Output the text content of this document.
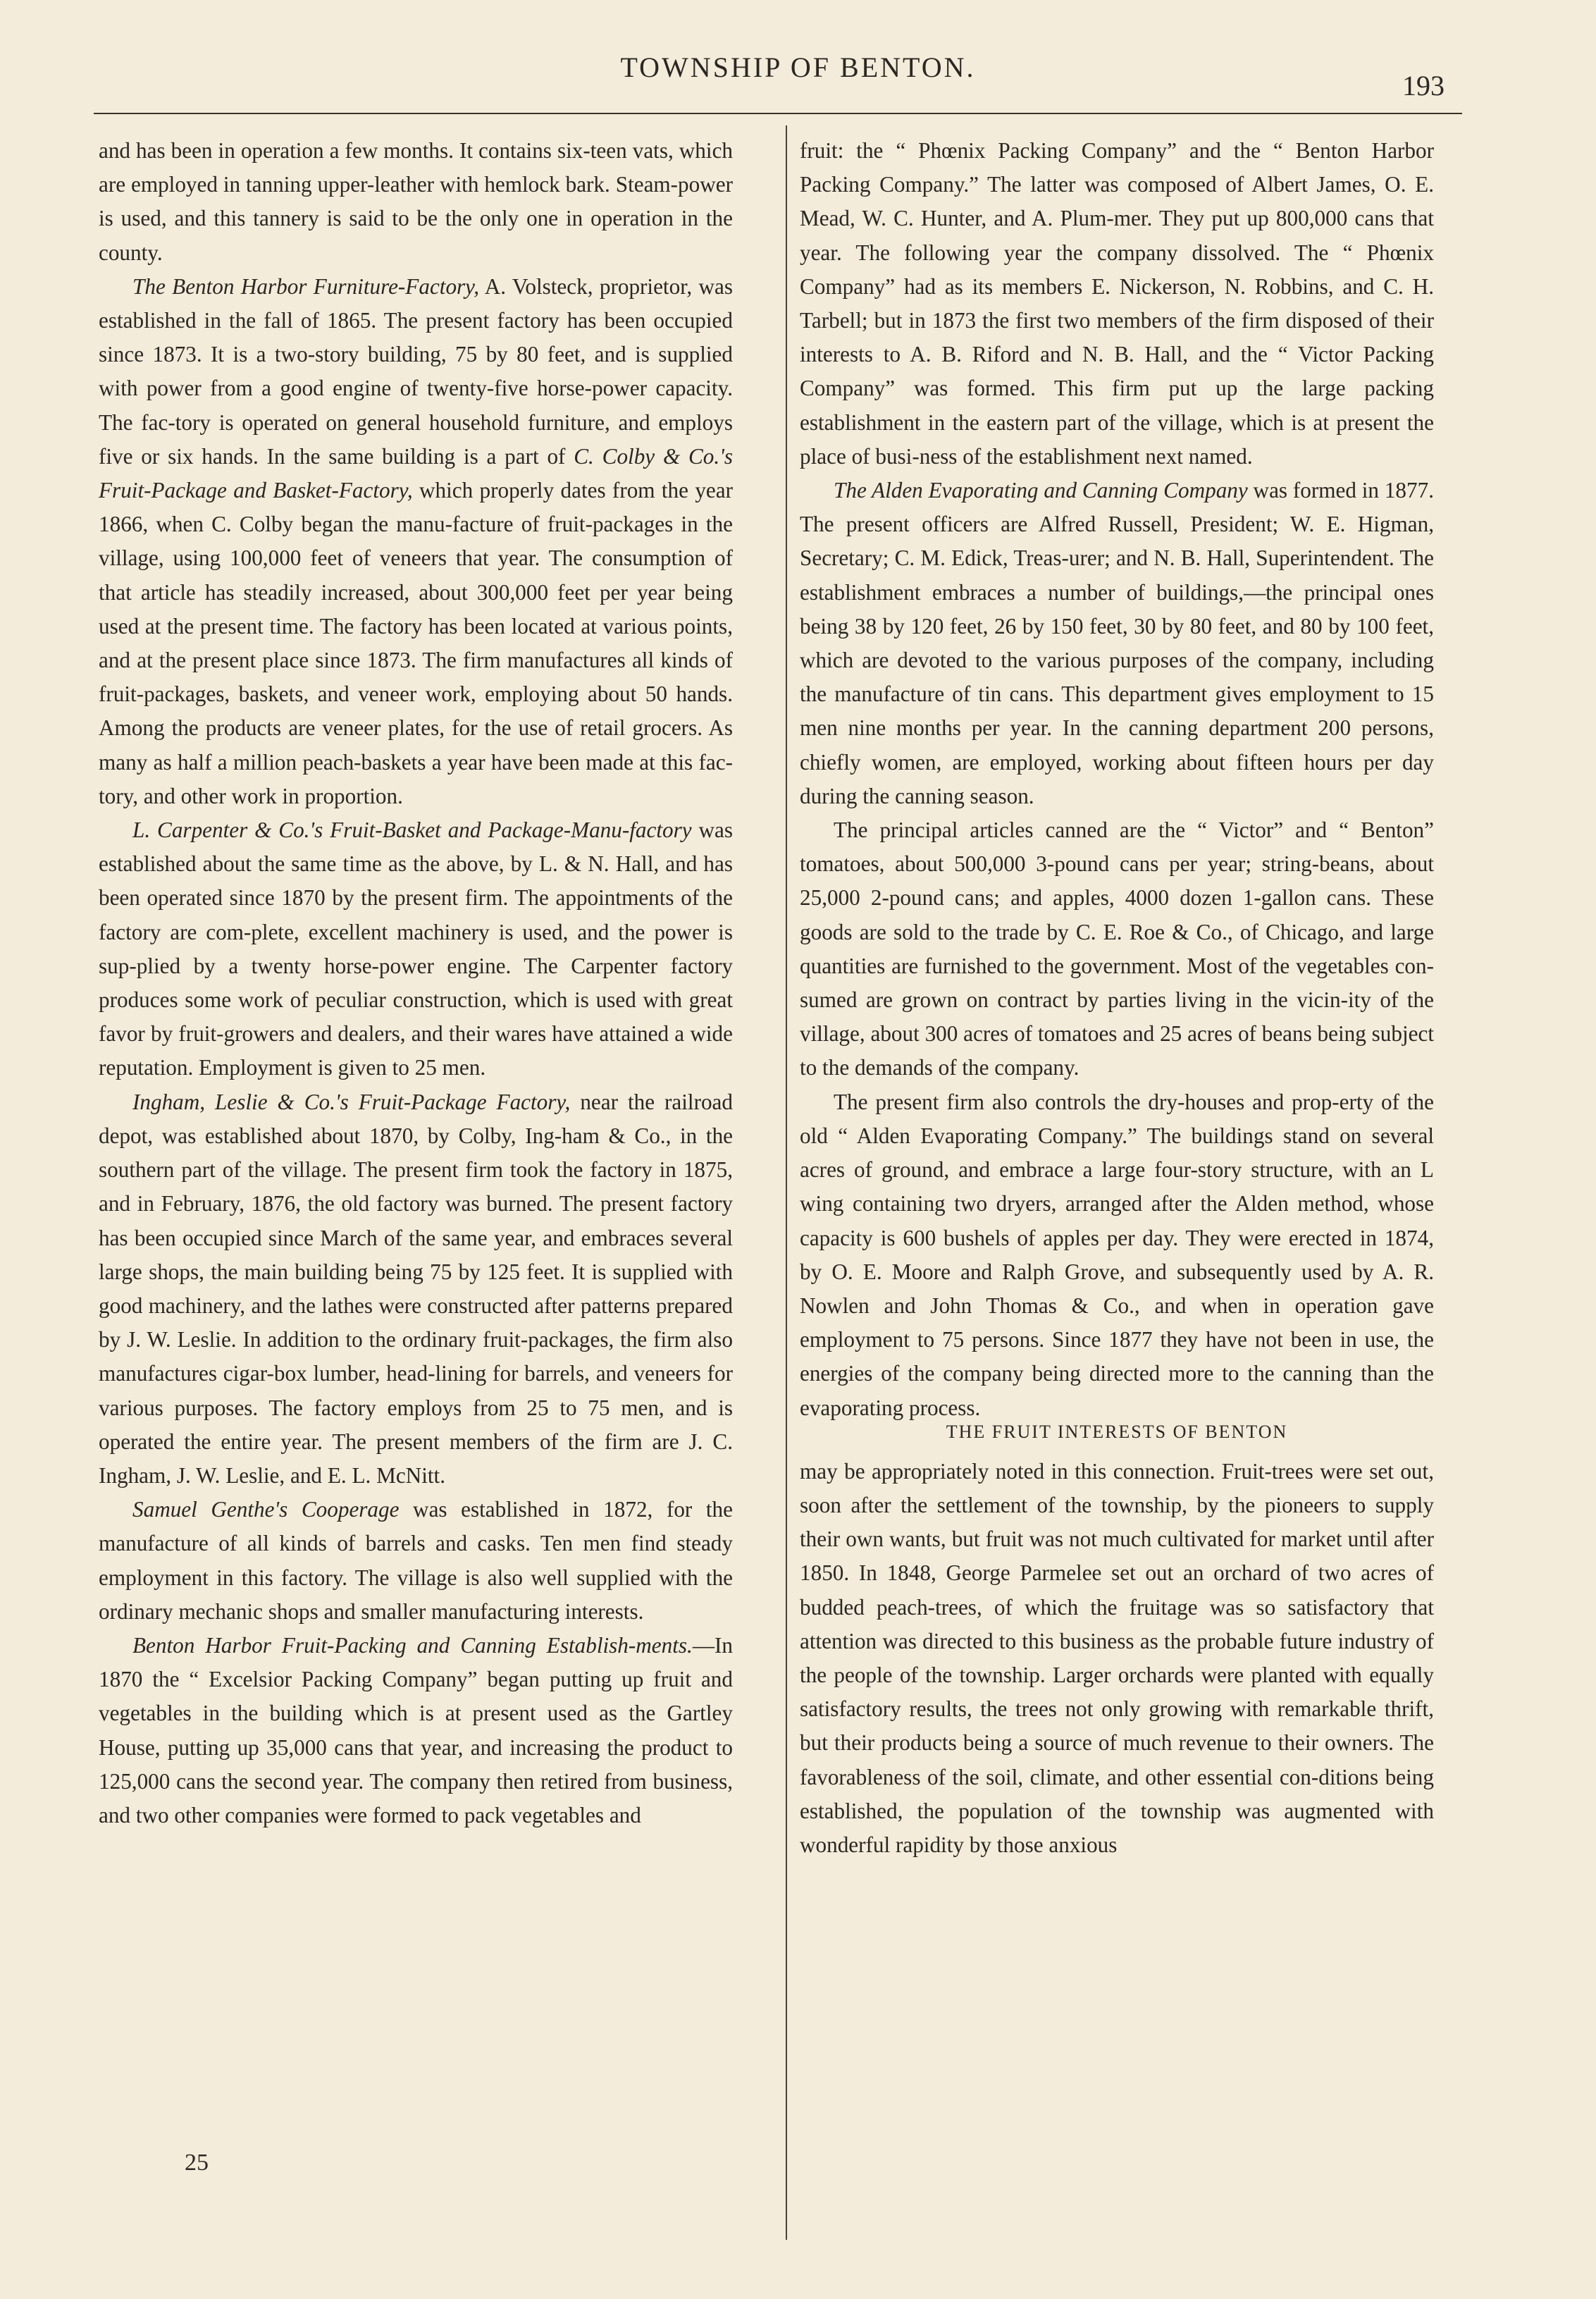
TOWNSHIP OF BENTON.
193

and has been in operation a few months. It contains six-teen vats, which are employed in tanning upper-leather with hemlock bark. Steam-power is used, and this tannery is said to be the only one in operation in the county.

The Benton Harbor Furniture-Factory, A. Volsteck, proprietor, was established in the fall of 1865. The present factory has been occupied since 1873. It is a two-story building, 75 by 80 feet, and is supplied with power from a good engine of twenty-five horse-power capacity. The fac-tory is operated on general household furniture, and employs five or six hands. In the same building is a part of C. Colby & Co.'s Fruit-Package and Basket-Factory, which properly dates from the year 1866, when C. Colby began the manu-facture of fruit-packages in the village, using 100,000 feet of veneers that year. The consumption of that article has steadily increased, about 300,000 feet per year being used at the present time. The factory has been located at various points, and at the present place since 1873. The firm manufactures all kinds of fruit-packages, baskets, and veneer work, employing about 50 hands. Among the products are veneer plates, for the use of retail grocers. As many as half a million peach-baskets a year have been made at this fac-tory, and other work in proportion.

L. Carpenter & Co.'s Fruit-Basket and Package-Manu-factory was established about the same time as the above, by L. & N. Hall, and has been operated since 1870 by the present firm. The appointments of the factory are com-plete, excellent machinery is used, and the power is sup-plied by a twenty horse-power engine. The Carpenter factory produces some work of peculiar construction, which is used with great favor by fruit-growers and dealers, and their wares have attained a wide reputation. Employment is given to 25 men.

Ingham, Leslie & Co.'s Fruit-Package Factory, near the railroad depot, was established about 1870, by Colby, Ing-ham & Co., in the southern part of the village. The present firm took the factory in 1875, and in February, 1876, the old factory was burned. The present factory has been occupied since March of the same year, and embraces several large shops, the main building being 75 by 125 feet. It is supplied with good machinery, and the lathes were constructed after patterns prepared by J. W. Leslie. In addition to the ordinary fruit-packages, the firm also manufactures cigar-box lumber, head-lining for barrels, and veneers for various purposes. The factory employs from 25 to 75 men, and is operated the entire year. The present members of the firm are J. C. Ingham, J. W. Leslie, and E. L. McNitt.

Samuel Genthe's Cooperage was established in 1872, for the manufacture of all kinds of barrels and casks. Ten men find steady employment in this factory. The village is also well supplied with the ordinary mechanic shops and smaller manufacturing interests.

Benton Harbor Fruit-Packing and Canning Establish-ments.—In 1870 the “ Excelsior Packing Company” began putting up fruit and vegetables in the building which is at present used as the Gartley House, putting up 35,000 cans that year, and increasing the product to 125,000 cans the second year. The company then retired from business, and two other companies were formed to pack vegetables and

fruit: the “ Phœnix Packing Company” and the “ Benton Harbor Packing Company.” The latter was composed of Albert James, O. E. Mead, W. C. Hunter, and A. Plum-mer. They put up 800,000 cans that year. The following year the company dissolved. The “ Phœnix Company” had as its members E. Nickerson, N. Robbins, and C. H. Tarbell; but in 1873 the first two members of the firm disposed of their interests to A. B. Riford and N. B. Hall, and the “ Victor Packing Company” was formed. This firm put up the large packing establishment in the eastern part of the village, which is at present the place of busi-ness of the establishment next named.

The Alden Evaporating and Canning Company was formed in 1877. The present officers are Alfred Russell, President; W. E. Higman, Secretary; C. M. Edick, Treas-urer; and N. B. Hall, Superintendent. The establishment embraces a number of buildings,—the principal ones being 38 by 120 feet, 26 by 150 feet, 30 by 80 feet, and 80 by 100 feet, which are devoted to the various purposes of the company, including the manufacture of tin cans. This department gives employment to 15 men nine months per year. In the canning department 200 persons, chiefly women, are employed, working about fifteen hours per day during the canning season.

The principal articles canned are the “ Victor” and “ Benton” tomatoes, about 500,000 3-pound cans per year; string-beans, about 25,000 2-pound cans; and apples, 4000 dozen 1-gallon cans. These goods are sold to the trade by C. E. Roe & Co., of Chicago, and large quantities are furnished to the government. Most of the vegetables con-sumed are grown on contract by parties living in the vicin-ity of the village, about 300 acres of tomatoes and 25 acres of beans being subject to the demands of the company.

The present firm also controls the dry-houses and prop-erty of the old “ Alden Evaporating Company.” The buildings stand on several acres of ground, and embrace a large four-story structure, with an L wing containing two dryers, arranged after the Alden method, whose capacity is 600 bushels of apples per day. They were erected in 1874, by O. E. Moore and Ralph Grove, and subsequently used by A. R. Nowlen and John Thomas & Co., and when in operation gave employment to 75 persons. Since 1877 they have not been in use, the energies of the company being directed more to the canning than the evaporating process.

THE FRUIT INTERESTS OF BENTON

may be appropriately noted in this connection. Fruit-trees were set out, soon after the settlement of the township, by the pioneers to supply their own wants, but fruit was not much cultivated for market until after 1850. In 1848, George Parmelee set out an orchard of two acres of budded peach-trees, of which the fruitage was so satisfactory that attention was directed to this business as the probable future industry of the people of the township. Larger orchards were planted with equally satisfactory results, the trees not only growing with remarkable thrift, but their products being a source of much revenue to their owners. The favorableness of the soil, climate, and other essential con-ditions being established, the population of the township was augmented with wonderful rapidity by those anxious

25
